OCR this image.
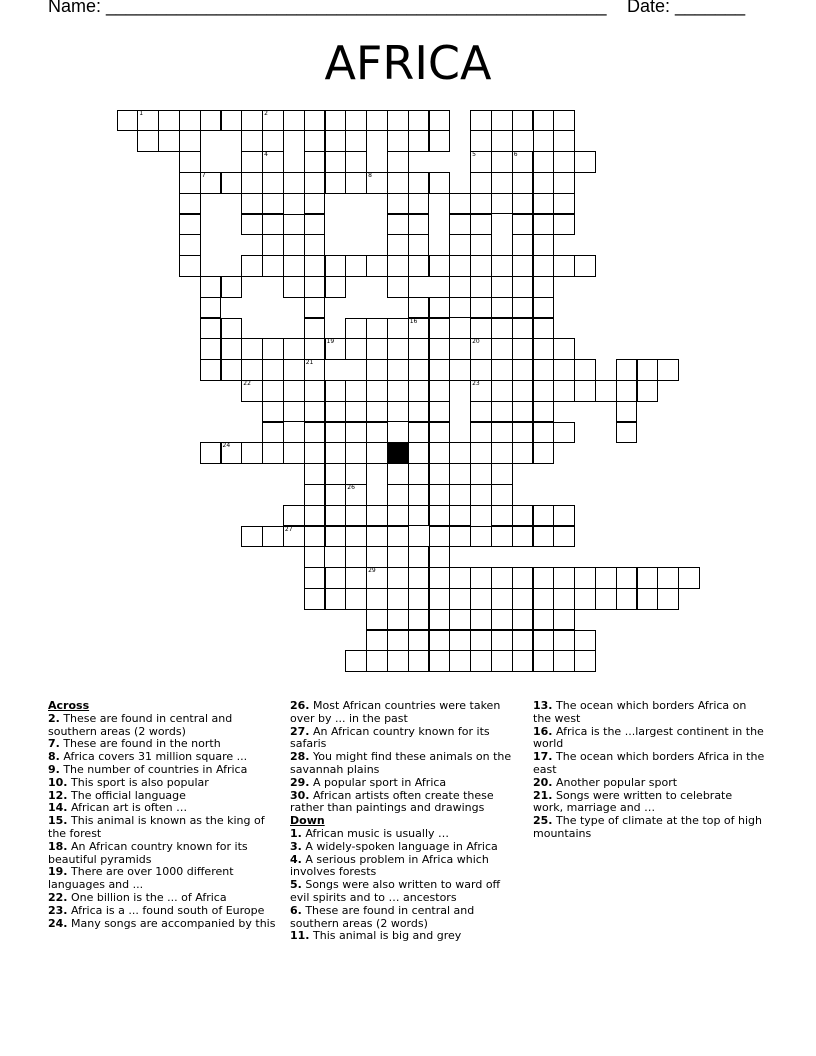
Name: __________________________________________________ Date: _______
AFRICA
1	2
4	5	6
7	8
16
19	20
21
22	23
24
26
27
29

Across

2. These are found in central and southern areas (2 words)

7. These are found in the north

8. Africa covers 31 million square ...

9. The number of countries in Africa

10. This sport is also popular

12. The official language

14. African art is often …

15. This animal is known as the king of the forest

18. An African country known for its beautiful pyramids

19. There are over 1000 different languages and ...

22. One billion is the ... of Africa

23. Africa is a ... found south of Europe

24. Many songs are accompanied by this

26. Most African countries were taken over by ... in the past

27. An African country known for its safaris

28. You might find these animals on the savannah plains

29. A popular sport in Africa

30. African artists often create these rather than paintings and drawings

Down

1. African music is usually …

3. A widely-spoken language in Africa

4. A serious problem in Africa which involves forests

5. Songs were also written to ward off evil spirits and to … ancestors

6. These are found in central and southern areas (2 words)

11. This animal is big and grey

13. The ocean which borders Africa on the west

16. Africa is the ...largest continent in the world

17. The ocean which borders Africa in the east

20. Another popular sport

21. Songs were written to celebrate work, marriage and …

25. The type of climate at the top of high mountains
